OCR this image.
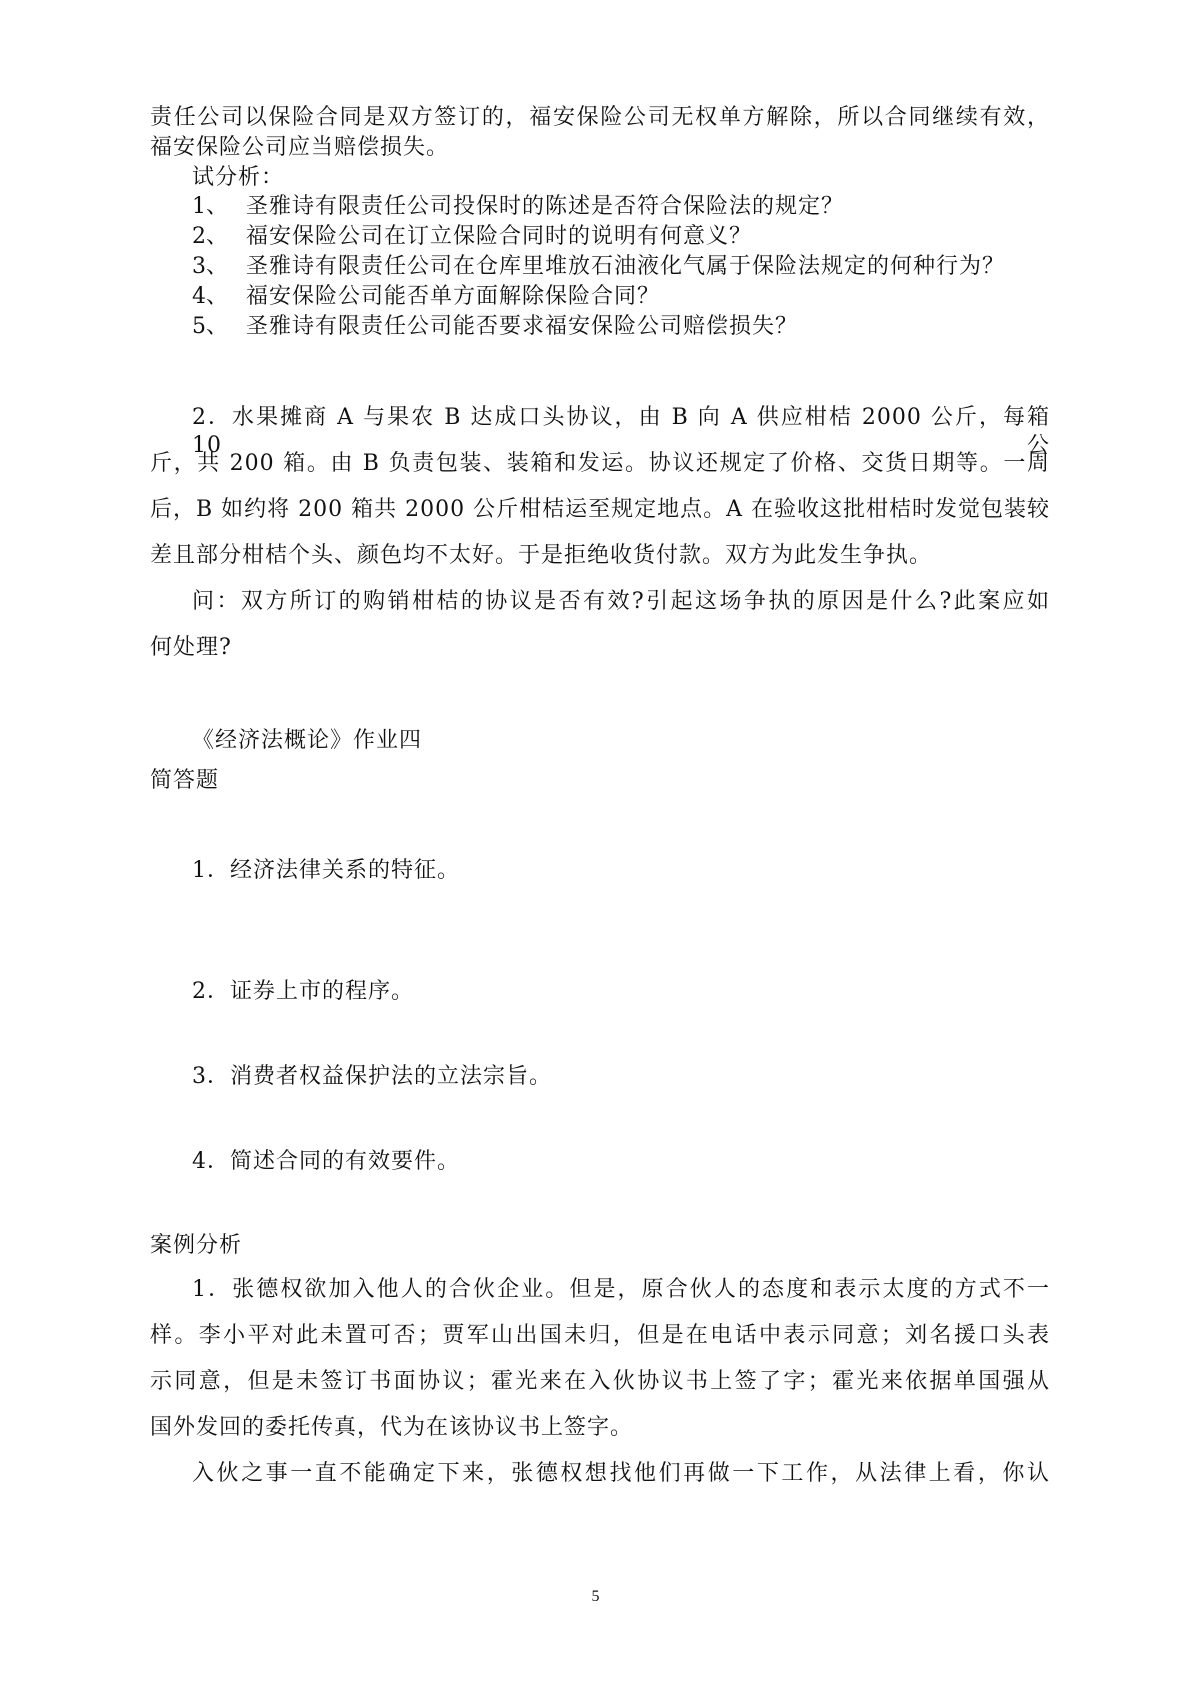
责任公司以保险合同是双方签订的，福安保险公司无权单方解除，所以合同继续有效，
福安保险公司应当赔偿损失。
试分析：
1、 圣雅诗有限责任公司投保时的陈述是否符合保险法的规定？
2、 福安保险公司在订立保险合同时的说明有何意义？
3、 圣雅诗有限责任公司在仓库里堆放石油液化气属于保险法规定的何种行为？
4、 福安保险公司能否单方面解除保险合同？
5、 圣雅诗有限责任公司能否要求福安保险公司赔偿损失？
2．水果摊商 A 与果农 B 达成口头协议，由 B 向 A 供应柑桔 2000 公斤，每箱 10 公
斤，共 200 箱。由 B 负责包装、装箱和发运。协议还规定了价格、交货日期等。一周
后，B 如约将 200 箱共 2000 公斤柑桔运至规定地点。A 在验收这批柑桔时发觉包装较
差且部分柑桔个头、颜色均不太好。于是拒绝收货付款。双方为此发生争执。
问：双方所订的购销柑桔的协议是否有效?引起这场争执的原因是什么?此案应如
何处理?
《经济法概论》作业四
简答题
1．经济法律关系的特征。
2．证券上市的程序。
3．消费者权益保护法的立法宗旨。
4．简述合同的有效要件。
案例分析
1．张德权欲加入他人的合伙企业。但是，原合伙人的态度和表示太度的方式不一
样。李小平对此未置可否；贾军山出国未归，但是在电话中表示同意；刘名援口头表
示同意，但是未签订书面协议；霍光来在入伙协议书上签了字；霍光来依据单国强从
国外发回的委托传真，代为在该协议书上签字。
入伙之事一直不能确定下来，张德权想找他们再做一下工作，从法律上看，你认
5
